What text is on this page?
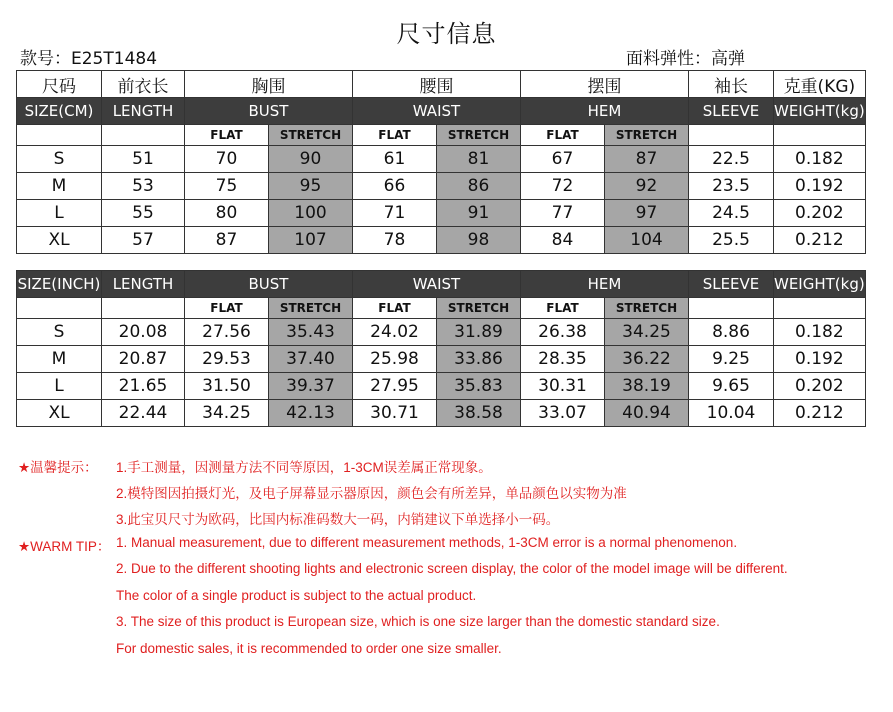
尺寸信息
款号：E25T1484	面料弹性：高弹
尺码	前衣长	胸围		腰围		摆围		袖长	克重(KG)
SIZE(CM)	LENGTH	BUST		WAIST		HEM		SLEEVE	WEIGHT(kg)
		FLAT	STRETCH	FLAT	STRETCH	FLAT	STRETCH		
S	51	70	90	61	81	67	87	22.5	0.182
M	53	75	95	66	86	72	92	23.5	0.192
L	55	80	100	71	91	77	97	24.5	0.202
XL	57	87	107	78	98	84	104	25.5	0.212
SIZE(INCH)	LENGTH	BUST		WAIST		HEM		SLEEVE	WEIGHT(kg)
		FLAT	STRETCH	FLAT	STRETCH	FLAT	STRETCH		
S	20.08	27.56	35.43	24.02	31.89	26.38	34.25	8.86	0.182
M	20.87	29.53	37.40	25.98	33.86	28.35	36.22	9.25	0.192
L	21.65	31.50	39.37	27.95	35.83	30.31	38.19	9.65	0.202
XL	22.44	34.25	42.13	30.71	38.58	33.07	40.94	10.04	0.212
★温馨提示： 1.手工测量，因测量方法不同等原因，1-3CM误差属正常现象。
2.模特图因拍摄灯光，及电子屏幕显示器原因，颜色会有所差异，单品颜色以实物为准
3.此宝贝尺寸为欧码，比国内标准码数大一码，内销建议下单选择小一码。
★WARM TIP： 1. Manual measurement, due to different measurement methods, 1-3CM error is a normal phenomenon.
2. Due to the different shooting lights and electronic screen display, the color of the model image will be different.
The color of a single product is subject to the actual product.
3. The size of this product is European size, which is one size larger than the domestic standard size.
For domestic sales, it is recommended to order one size smaller.
